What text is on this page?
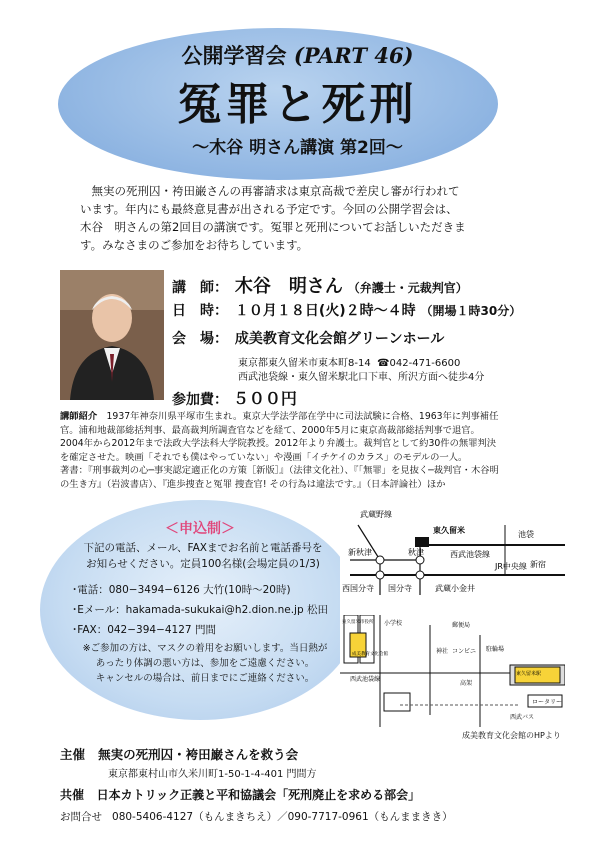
公開学習会 (PART 46)
冤罪と死刑
〜木谷 明さん講演 第2回〜
　無実の死刑囚・袴田巌さんの再審請求は東京高裁で差戻し審が行われて
います。年内にも最終意見書が出される予定です。今回の公開学習会は、
木谷　明さんの第2回目の講演です。冤罪と死刑についてお話しいただきま
す。みなさまのご参加をお待ちしています。
講　師： 木谷　明さん （弁護士・元裁判官）
日　時： １０月１８日(火)２時〜４時 （開場１時30分）
会　場： 成美教育文化会館グリーンホール
東京都東久留米市東本町8-14 ☎042-471-6600
西武池袋線・東久留米駅北口下車、所沢方面へ徒歩4分
参加費： ５００円
講師紹介　1937年神奈川県平塚市生まれ。東京大学法学部在学中に司法試験に合格、1963年に判事補任
官。浦和地裁部総括判事、最高裁判所調査官などを経て、2000年5月に東京高裁部総括判事で退官。
2004年から2012年まで法政大学法科大学院教授。2012年より弁護士。裁判官として約30件の無罪判決
を確定させた。映画「それでも僕はやっていない」や漫画「イチケイのカラス」のモデルの一人。
著書：『刑事裁判の心─事実認定適正化の方策［新版］』（法律文化社）、『「無罪」を見抜く─裁判官・木谷明
の生き方』（岩波書店）、『進歩捜査と冤罪 捜査官! その行為は違法です。』（日本評論社）ほか
＜申込制＞
下記の電話、メール、FAXまでお名前と電話番号を
お知らせください。定員100名様(会場定員の1/3)
･電話：080−3494−6126 大竹(10時〜20時)
･Eメール：hakamada-sukukai@h2.dion.ne.jp 松田
･FAX：042−394−4127 門間
※ご参加の方は、マスクの着用をお願いします。当日熱が
あったり体調の悪い方は、参加をご遠慮ください。
キャンセルの場合は、前日までにご連絡ください。
武蔵野線
東久留米
秋津
新秋津	西武池袋線
池袋
新宿
国分寺
西国分寺	武蔵小金井
JR中央線
西武池袋線
東久留米駅
成美教育文化会館	神社 コンビニ 駐輪場
郵便局
小学校
東久留米市役所
ロータリー
西武バス
高架
成美教育文化会館のHPより
主催 無実の死刑囚・袴田巌さんを救う会
東京都東村山市久米川町1-50-1-4-401 門間方
共催 日本カトリック正義と平和協議会「死刑廃止を求める部会」
お問合せ 080-5406-4127（もんまきちえ）／090-7717-0961（もんままきき）
